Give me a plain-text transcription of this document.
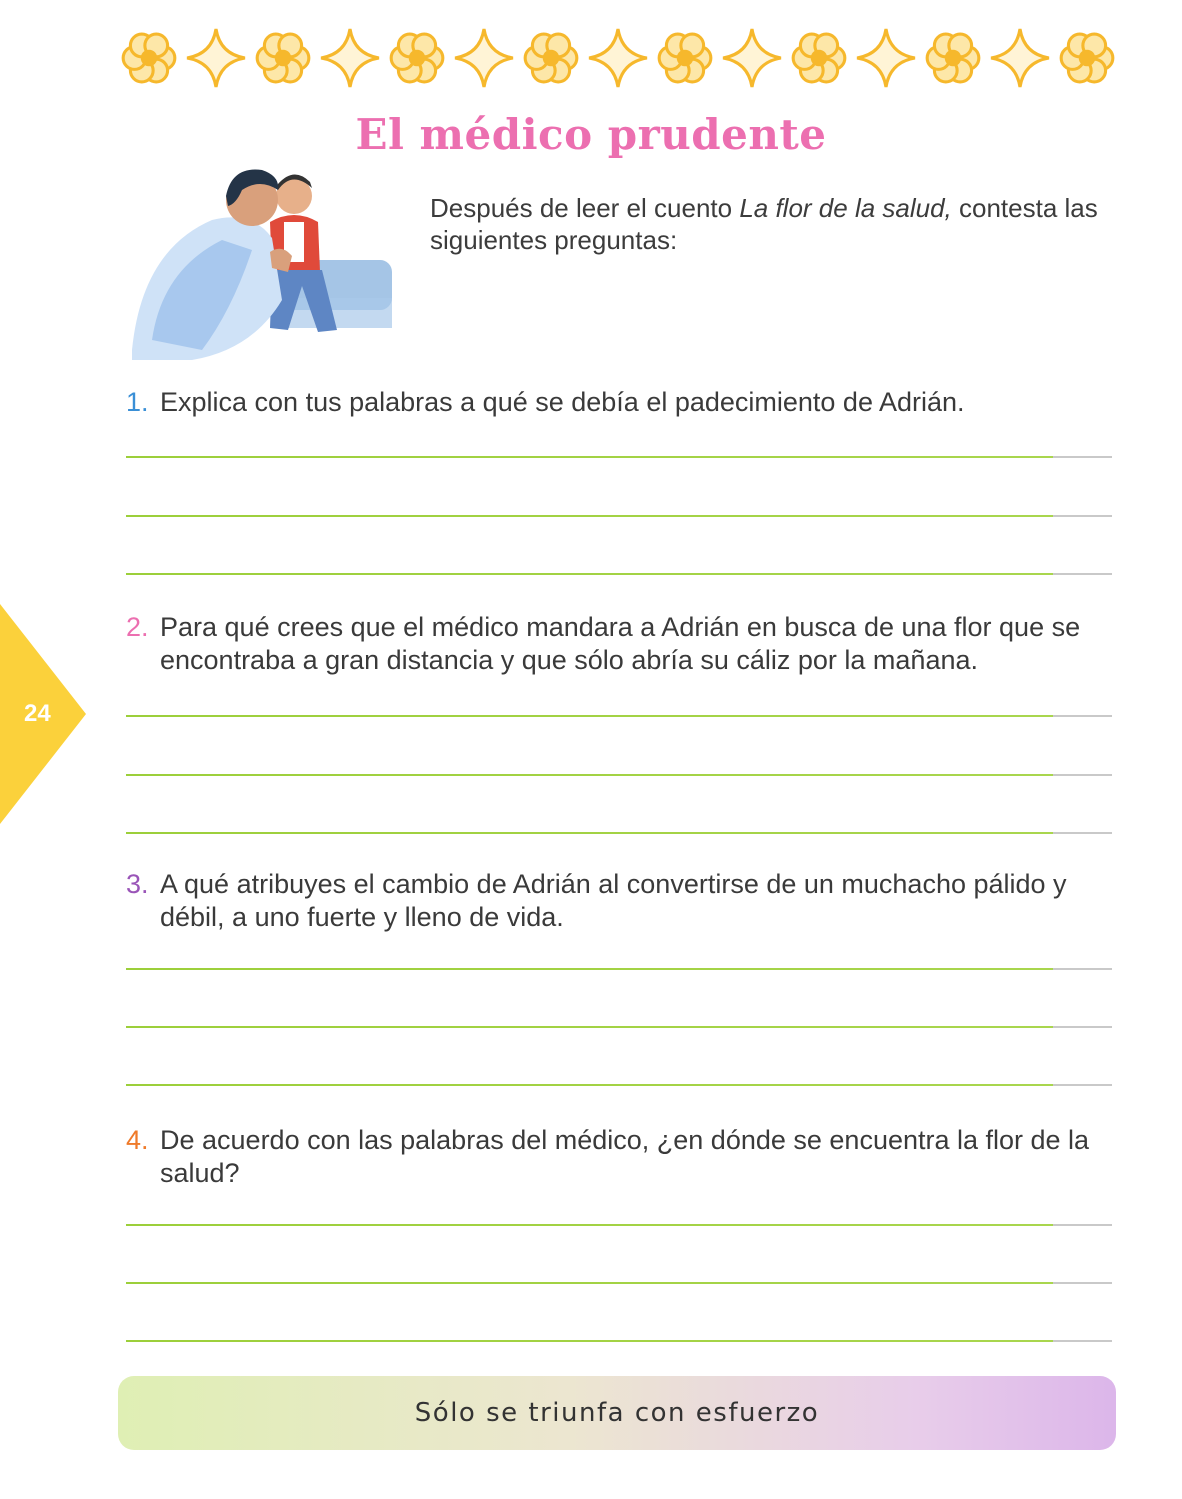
El médico prudente
Después de leer el cuento La flor de la salud, contesta las siguientes preguntas:
1. Explica con tus palabras a qué se debía el padecimiento de Adrián.
2. Para qué crees que el médico mandara a Adrián en busca de una flor que se encontraba a gran distancia y que sólo abría su cáliz por la mañana.
3. A qué atribuyes el cambio de Adrián al convertirse de un muchacho pálido y débil, a uno fuerte y lleno de vida.
4. De acuerdo con las palabras del médico, ¿en dónde se encuentra la flor de la salud?
24
Sólo se triunfa con esfuerzo
